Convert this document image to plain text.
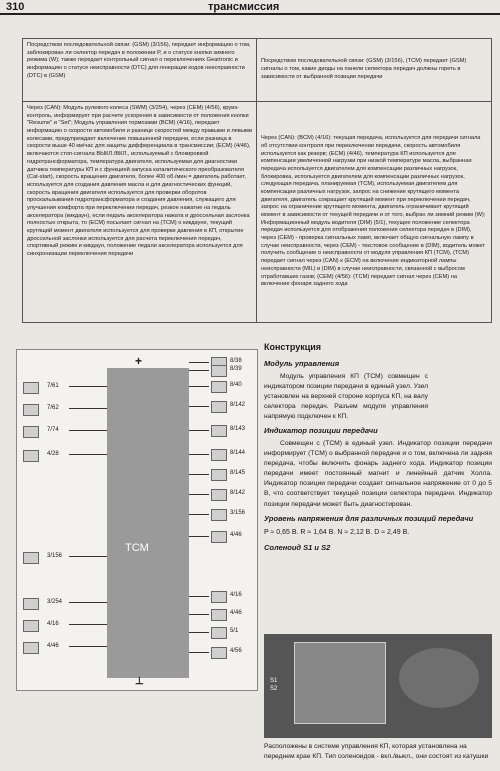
310	трансмиссия
Посредством последовательной связи: (GSM) (3/156), передает информацию о том, заблокирован ли селектор передач в положении P, и о статусе кнопки зимнего режима (W); также передает контрольный сигнал о переключениях Geartronic и информацию о статусе неисправности (DTC) для генерации кодов неисправности (DTC) в (GSM)
Посредством последовательной связи: (GSM) (3/156), (TCM) передает (GSM) сигналы о том, какие диоды на панели селектора передач должны гореть в зависимости от выбранной позиции передачи
Через (CAN): Модуль рулевого колеса (SWM) (3/254), через (CEM) (4/56), круиз-контроль, информирует при расчете ускорения в зависимости от положения кнопки "Resume" и "Set"; Модуль управления тормозами (BCM) (4/16), передает информацию о скорости автомобиля и разнице скоростей между правыми и левыми колесами, предупреждает включение повышенной передачи, если разница в скорости выше 40 км/час для защиты дифференциала в трансмиссии; (ECM) (4/46), включаются стоп-сигнала ВЫКЛ./ВКЛ., используемый с блокировкой гидротрансформатора, температура двигателя, используемая для диагностики датчика температуры КП и с функцией запуска каталитического преобразователя (Cat-start), скорость вращения двигателя, более 400 об./мин = двигатель работает, используется для создания давления масла и для диагностических функций, скорость вращения двигателя используется для проверки оборотов проскальзывания гидротрансформатора и создания давления, служащего для улучшения комфорта при переключении передач, резкое нажатие на педаль акселератора (кикдаун), если педаль акселератора нажата и дроссельная заслонка полностью открыта, то (ECM) посылает сигнал на (TCM) о кикдауне, текущий крутящий момент двигателя используется для проверки давления в КП, открытие дроссельной заслонки используется для расчета переключения передач, спортивный режим и кикдаун, положение педали акселератора используется для синхронизации переключения передачи
Через (CAN): (BCM) (4/16): текущая передача, используется для передачи сигнала об отсутствии контроля при переключении передачи, скорость автомобиля используется как резерв; (ECM) (4/46), температура КП используется для компенсации увеличенной нагрузки при низкой температуре масла, выбранная передача используется двигателем для компенсации различных нагрузок, блокировка, используется двигателем для компенсации различных нагрузок, следующая передача, планируемая (TCM), используемая двигателем для компенсации различных нагрузок, запрос на снижение крутящего момента двигателя, двигатель сокращает крутящий момент при переключении передач, запрос на ограничение крутящего момента, двигатель ограничивает крутящий момент в зависимости от текущей передачи и от того, выбран ли зимний режим (W); Информационный модуль водителя (DIM) (5/1), текущее положение селектора передач используется для отображения положения селектора передач в (DIM), через (CEM) - проверка сигнальных ламп, включает общую сигнальную лампу в случае неисправности, через (CEM) - текстовое сообщение в (DIM), водитель может получить сообщение о неисправности от модуля управления КП (TCM), (TCM) передает сигнал через (CAN) к (ECM) на включение индикаторной лампы неисправности (MIL) в (DIM) в случае неисправности, связанной с выбросом отработавших газов; (CEM) (4/56): (TCM) передает сигнал через (CEM) на включение фонаря заднего хода
+
TCM
⊥
7/61
7/62
7/74
4/28
3/156
3/254
4/16
4/46
8/38
8/39
8/40
8/142
8/143
8/144
8/145
8/142
3/156
4/46
4/16
4/46
5/1
4/56
Конструкция
Модуль управления
Модуль управления КП (TCM) совмещен с индикатором позиции передачи в единый узел. Узел установлен на верхней стороне корпуса КП, на валу селектора передач. Разъем модуля управления напрямую подключен к КП.
Индикатор позиции передачи
Совмещен с (TCM) в единый узел. Индикатор позиции передачи информирует (TCM) о выбранной передаче и о том, включена ли задняя передача, чтобы включить фонарь заднего хода. Индикатор позиции передачи имеет постоянный магнит и линейный датчик Холла. Индикатор позиции передачи создает сигнальное напряжение от 0 до 5 В, что соответствует текущей позиции селектора передачи. Индикатор позиции передачи может быть диагностирован.
Уровень напряжения для различных позиций передачи
P ≈ 0,65 В. R ≈ 1,64 В. N ≈ 2,12 В. D ≈ 2,49 В.
Соленоид S1 и S2
S1
S2
Расположены в системе управления КП, которая установлена на
переднем крае КП. Тип соленоидов - вкл./выкл., они состоят из катушки
